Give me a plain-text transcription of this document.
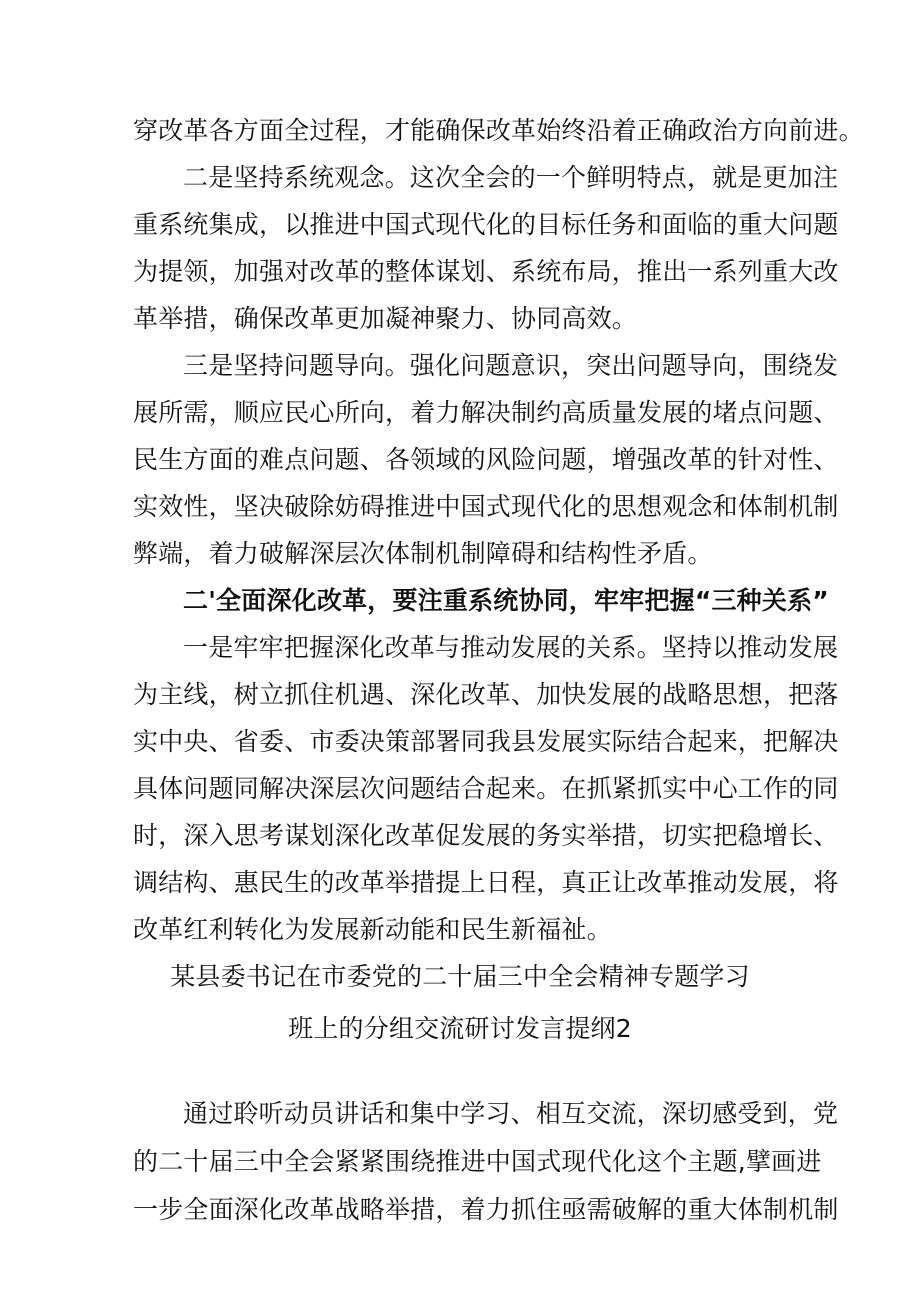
穿改革各方面全过程，才能确保改革始终沿着正确政治方向前进。
二是坚持系统观念。这次全会的一个鲜明特点，就是更加注
重系统集成，以推进中国式现代化的目标任务和面临的重大问题
为提领，加强对改革的整体谋划、系统布局，推出一系列重大改
革举措，确保改革更加凝神聚力、协同高效。
三是坚持问题导向。强化问题意识，突出问题导向，围绕发
展所需，顺应民心所向，着力解决制约高质量发展的堵点问题、
民生方面的难点问题、各领域的风险问题，增强改革的针对性、
实效性，坚决破除妨碍推进中国式现代化的思想观念和体制机制
弊端，着力破解深层次体制机制障碍和结构性矛盾。
二'全面深化改革，要注重系统协同，牢牢把握“三种关系”
一是牢牢把握深化改革与推动发展的关系。坚持以推动发展
为主线，树立抓住机遇、深化改革、加快发展的战略思想，把落
实中央、省委、市委决策部署同我县发展实际结合起来，把解决
具体问题同解决深层次问题结合起来。在抓紧抓实中心工作的同
时，深入思考谋划深化改革促发展的务实举措，切实把稳增长、
调结构、惠民生的改革举措提上日程，真正让改革推动发展，将
改革红利转化为发展新动能和民生新福祉。
某县委书记在市委党的二十届三中全会精神专题学习
班上的分组交流研讨发言提纲2
通过聆听动员讲话和集中学习、相互交流，深切感受到，党
的二十届三中全会紧紧围绕推进中国式现代化这个主题,擘画进
一步全面深化改革战略举措，着力抓住亟需破解的重大体制机制
